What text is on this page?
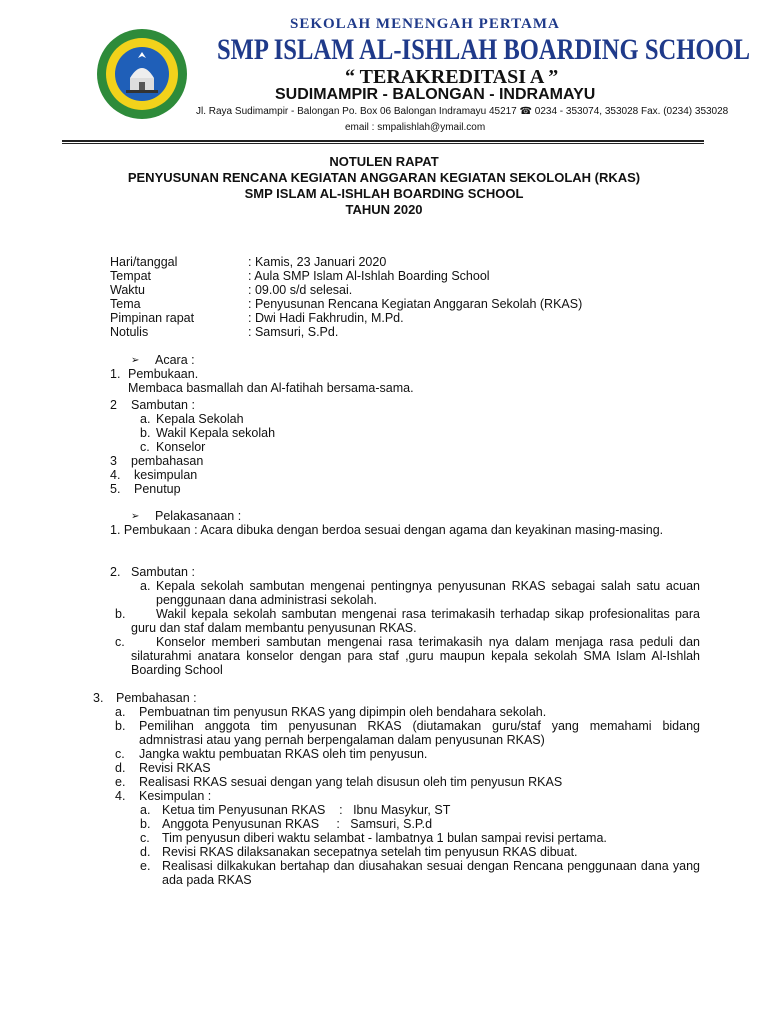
SEKOLAH MENENGAH PERTAMA
SMP ISLAM AL-ISHLAH BOARDING SCHOOL
“ TERAKREDITASI A ”
SUDIMAMPIR - BALONGAN - INDRAMAYU
Jl. Raya Sudimampir - Balongan Po. Box 06 Balongan Indramayu 45217 ☎ 0234 - 353074, 353028 Fax. (0234) 353028
email : smpalishlah@ymail.com
NOTULEN RAPAT
PENYUSUNAN RENCANA KEGIATAN ANGGARAN KEGIATAN SEKOLOLAH (RKAS)
SMP ISLAM AL-ISHLAH BOARDING SCHOOL
TAHUN 2020
Hari/tanggal	: Kamis, 23 Januari 2020
Tempat	: Aula SMP Islam Al-Ishlah Boarding School
Waktu	: 09.00 s/d selesai.
Tema	: Penyusunan Rencana Kegiatan Anggaran Sekolah (RKAS)
Pimpinan rapat	: Dwi Hadi Fakhrudin, M.Pd.
Notulis	: Samsuri, S.Pd.
➢ Acara :
1. Pembukaan.
Membaca basmallah dan Al-fatihah bersama-sama.
2 Sambutan :
a. Kepala Sekolah
b. Wakil Kepala sekolah
c. Konselor
3 pembahasan
4. kesimpulan
5. Penutup
➢ Pelakasanaan :
1. Pembukaan : Acara dibuka dengan berdoa sesuai dengan agama dan keyakinan masing-masing.
2. Sambutan :
a. Kepala sekolah sambutan mengenai pentingnya penyusunan RKAS sebagai salah satu acuan penggunaan dana administrasi sekolah.
b.	Wakil kepala sekolah sambutan mengenai rasa terimakasih terhadap sikap profesionalitas para guru dan staf dalam membantu penyusunan RKAS.
c.	Konselor memberi sambutan mengenai rasa terimakasih nya dalam menjaga rasa peduli dan silaturahmi anatara konselor dengan para staf ,guru maupun kepala sekolah SMA Islam Al-Ishlah Boarding School
3. Pembahasan :
a. Pembuatnan tim penyusun RKAS yang dipimpin oleh bendahara sekolah.
b. Pemilihan anggota tim penyusunan RKAS (diutamakan guru/staf yang memahami bidang admnistrasi atau yang pernah berpengalaman dalam penyusunan RKAS)
c. Jangka waktu pembuatan RKAS oleh tim penyusun.
d. Revisi RKAS
e. Realisasi RKAS sesuai dengan yang telah disusun oleh tim penyusun RKAS
4. Kesimpulan :
a. Ketua tim Penyusunan RKAS    :   Ibnu Masykur, ST
b. Anggota Penyusunan RKAS     :   Samsuri, S.P.d
c. Tim penyusun diberi waktu selambat - lambatnya 1 bulan sampai revisi pertama.
d. Revisi RKAS dilaksanakan secepatnya setelah tim penyusun RKAS dibuat.
e. Realisasi dilkakukan bertahap dan diusahakan sesuai dengan Rencana penggunaan dana yang ada pada RKAS
